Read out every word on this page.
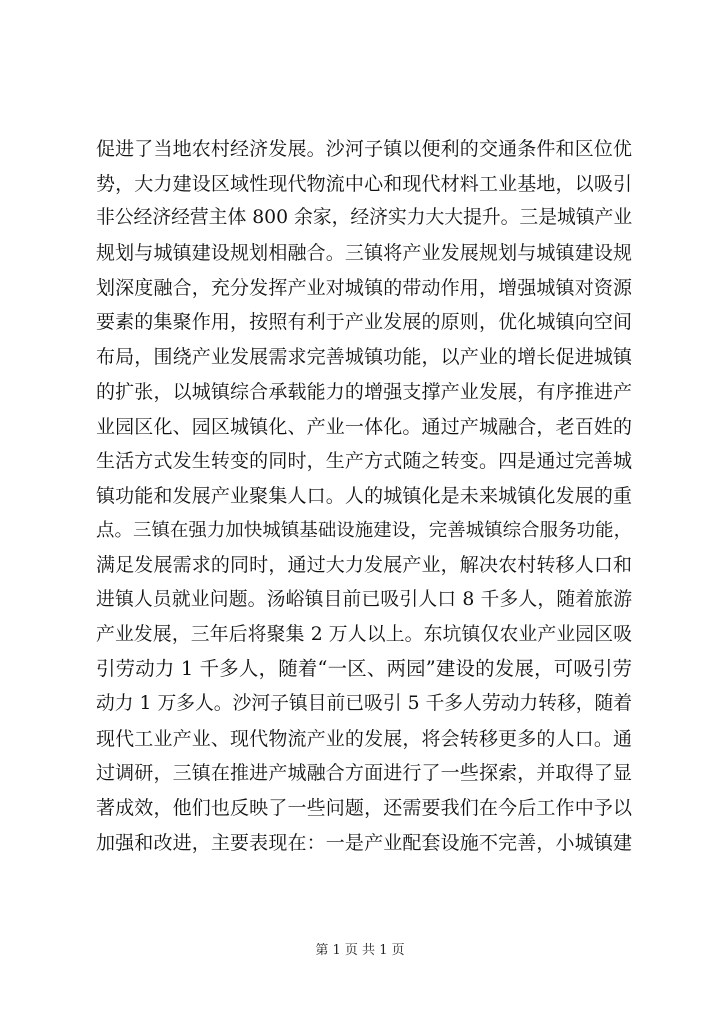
促进了当地农村经济发展。沙河子镇以便利的交通条件和区位优
势，大力建设区域性现代物流中心和现代材料工业基地，以吸引
非公经济经营主体 800 余家，经济实力大大提升。三是城镇产业
规划与城镇建设规划相融合。三镇将产业发展规划与城镇建设规
划深度融合，充分发挥产业对城镇的带动作用，增强城镇对资源
要素的集聚作用，按照有利于产业发展的原则，优化城镇向空间
布局，围绕产业发展需求完善城镇功能，以产业的增长促进城镇
的扩张，以城镇综合承载能力的增强支撑产业发展，有序推进产
业园区化、园区城镇化、产业一体化。通过产城融合，老百姓的
生活方式发生转变的同时，生产方式随之转变。四是通过完善城
镇功能和发展产业聚集人口。人的城镇化是未来城镇化发展的重
点。三镇在强力加快城镇基础设施建设，完善城镇综合服务功能，
满足发展需求的同时，通过大力发展产业，解决农村转移人口和
进镇人员就业问题。汤峪镇目前已吸引人口 8 千多人，随着旅游
产业发展，三年后将聚集 2 万人以上。东坑镇仅农业产业园区吸
引劳动力 1 千多人，随着“一区、两园”建设的发展，可吸引劳
动力 1 万多人。沙河子镇目前已吸引 5 千多人劳动力转移，随着
现代工业产业、现代物流产业的发展，将会转移更多的人口。通
过调研，三镇在推进产城融合方面进行了一些探索，并取得了显
著成效，他们也反映了一些问题，还需要我们在今后工作中予以
加强和改进，主要表现在：一是产业配套设施不完善，小城镇建
第 1 页 共 1 页
